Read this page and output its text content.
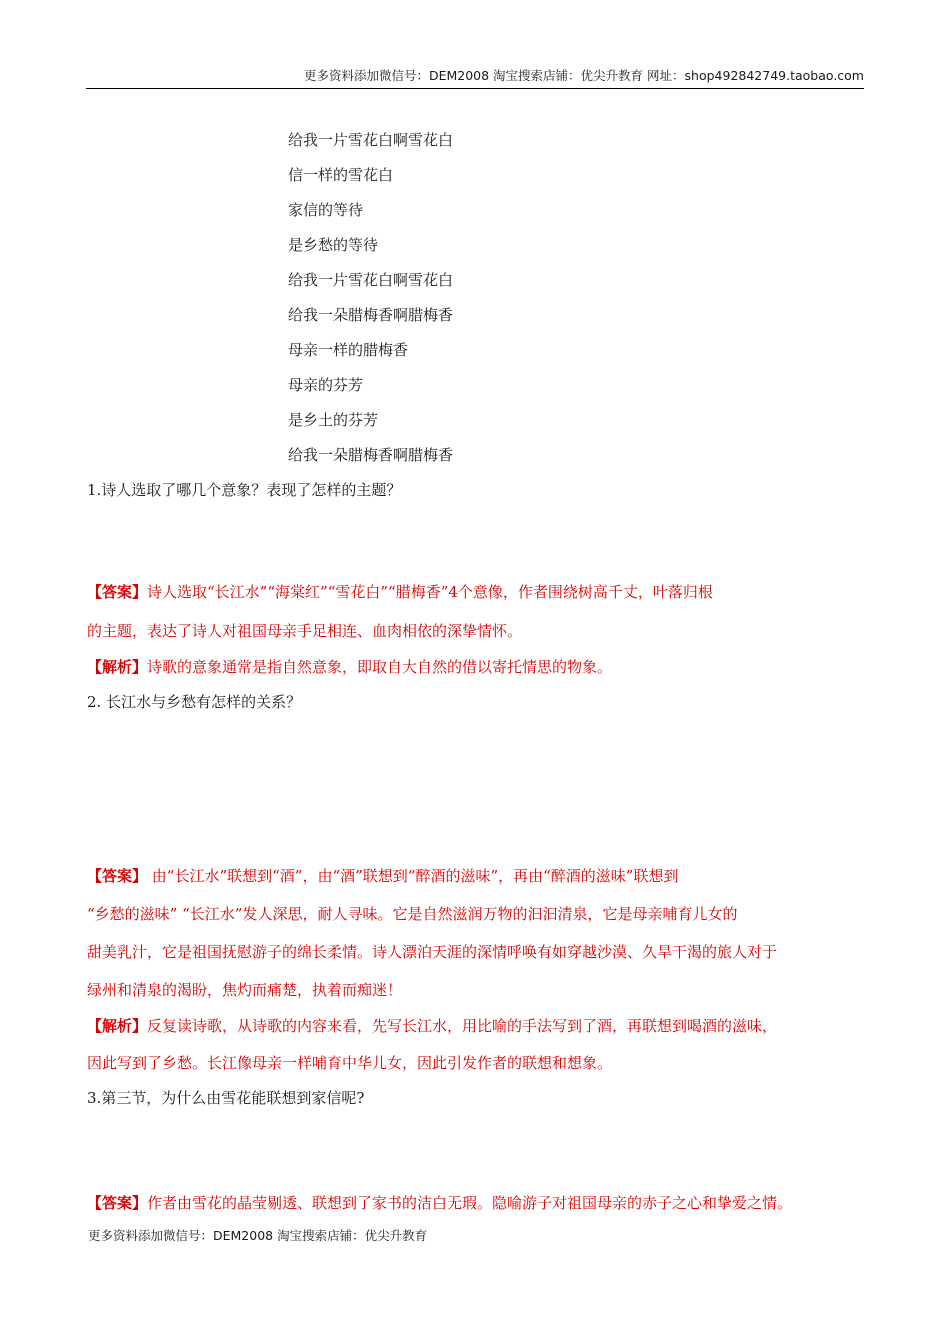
更多资料添加微信号：DEM2008 淘宝搜索店铺：优尖升教育 网址：shop492842749.taobao.com
给我一片雪花白啊雪花白
信一样的雪花白
家信的等待
是乡愁的等待
给我一片雪花白啊雪花白
给我一朵腊梅香啊腊梅香
母亲一样的腊梅香
母亲的芬芳
是乡土的芬芳
给我一朵腊梅香啊腊梅香
1.诗人选取了哪几个意象？表现了怎样的主题？
【答案】诗人选取“长江水”“海棠红”“雪花白”“腊梅香”4个意像，作者围绕树高千丈，叶落归根
的主题，表达了诗人对祖国母亲手足相连、血肉相依的深挚情怀。
【解析】诗歌的意象通常是指自然意象，即取自大自然的借以寄托情思的物象。
2. 长江水与乡愁有怎样的关系？
【答案】 由“长江水”联想到“酒”，由“酒”联想到“醉酒的滋味”，再由“醉酒的滋味”联想到
“乡愁的滋味” “长江水”发人深思，耐人寻味。它是自然滋润万物的汩汩清泉，它是母亲哺育儿女的
甜美乳汁，它是祖国抚慰游子的绵长柔情。诗人漂泊天涯的深情呼唤有如穿越沙漠、久旱干渴的旅人对于
绿州和清泉的渴盼，焦灼而痛楚，执着而痴迷！
【解析】反复读诗歌，从诗歌的内容来看，先写长江水，用比喻的手法写到了酒，再联想到喝酒的滋味，
因此写到了乡愁。长江像母亲一样哺育中华儿女，因此引发作者的联想和想象。
3.第三节，为什么由雪花能联想到家信呢?
【答案】作者由雪花的晶莹剔透、联想到了家书的洁白无瑕。隐喻游子对祖国母亲的赤子之心和挚爱之情。
更多资料添加微信号：DEM2008 淘宝搜索店铺：优尖升教育
